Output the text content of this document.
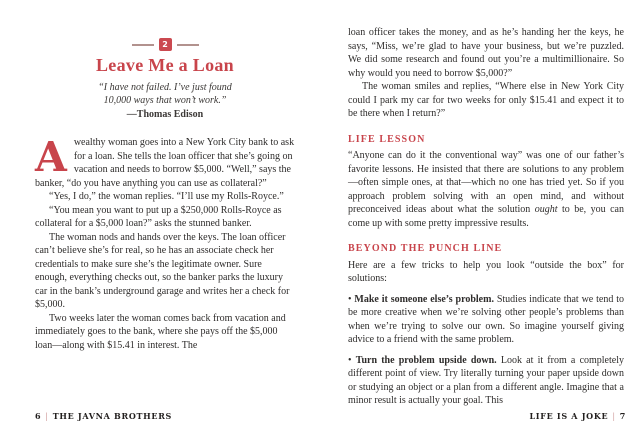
2
Leave Me a Loan
“I have not failed. I’ve just found
10,000 ways that won’t work.”
—Thomas Edison

Awealthy woman goes into a New York City bank to ask for a loan. She tells the loan officer that she’s going on vacation and needs to borrow $5,000. “Well,” says the banker, “do you have anything you can use as collateral?”

“Yes, I do,” the woman replies. “I’ll use my Rolls-Royce.”

“You mean you want to put up a $250,000 Rolls-Royce as collateral for a $5,000 loan?” asks the stunned banker.

The woman nods and hands over the keys. The loan officer can’t believe she’s for real, so he has an associate check her credentials to make sure she’s the legitimate owner. Sure enough, everything checks out, so the banker parks the luxury car in the bank’s underground garage and writes her a check for $5,000.

Two weeks later the woman comes back from vacation and immediately goes to the bank, where she pays off the $5,000 loan—along with $15.41 in interest. The

loan officer takes the money, and as he’s handing her the keys, he says, “Miss, we’re glad to have your business, but we’re puzzled. We did some research and found out you’re a multimillionaire. So why would you need to borrow $5,000?”

The woman smiles and replies, “Where else in New York City could I park my car for two weeks for only $15.41 and expect it to be there when I return?”

LIFE LESSON

“Anyone can do it the conventional way” was one of our father’s favorite lessons. He insisted that there are solutions to any problem—often simple ones, at that—which no one has tried yet. So if you approach problem solving with an open mind, and without preconceived ideas about what the solution ought to be, you can come up with some pretty impressive results.

BEYOND THE PUNCH LINE

Here are a few tricks to help you look “outside the box” for solutions:

• Make it someone else’s problem. Studies indicate that we tend to be more creative when we’re solving other people’s problems than when we’re trying to solve our own. So imagine yourself giving advice to a friend with the same problem.

• Turn the problem upside down. Look at it from a completely different point of view. Try literally turning your paper upside down or studying an object or a plan from a different angle. Imagine that a minor result is actually your goal. This

6 | THE JAVNA BROTHERS	LIFE IS A JOKE | 7
